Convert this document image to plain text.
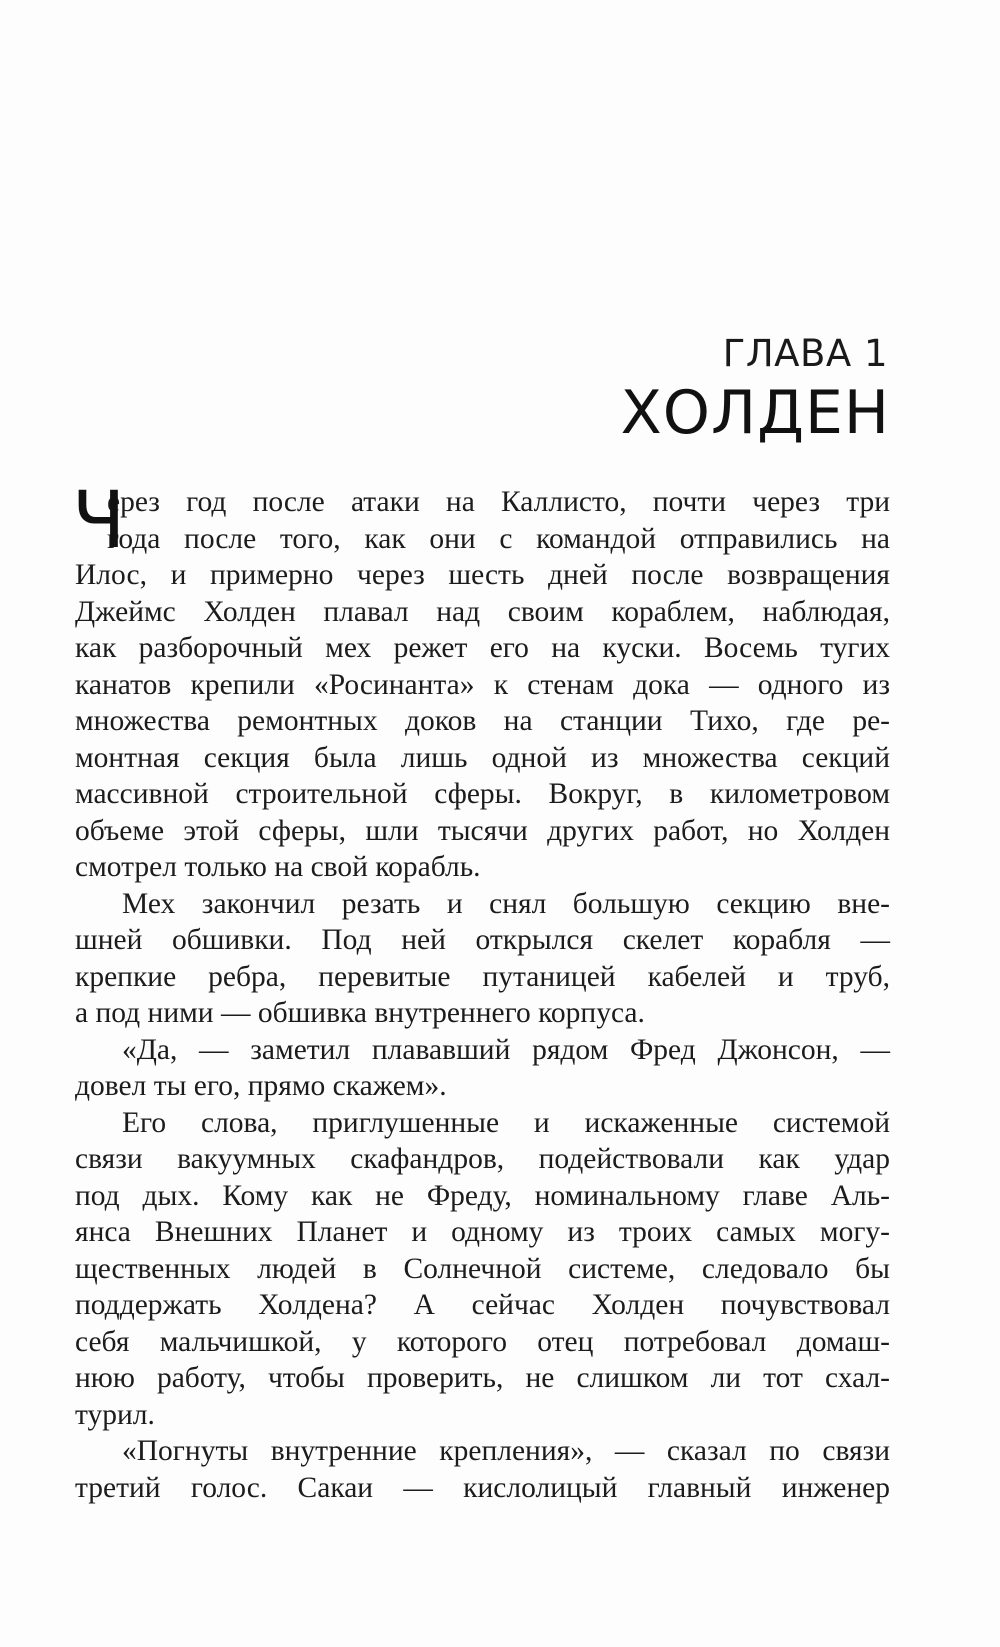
ГЛАВА 1
ХОЛДЕН
Ч
ерез год после атаки на Каллисто, почти через три
года после того, как они с командой отправились на
Илос, и примерно через шесть дней после возвращения
Джеймс Холден плавал над своим кораблем, наблюдая,
как разборочный мех режет его на куски. Восемь тугих
канатов крепили «Росинанта» к стенам дока — одного из
множества ремонтных доков на станции Тихо, где ре-
монтная секция была лишь одной из множества секций
массивной строительной сферы. Вокруг, в километровом
объеме этой сферы, шли тысячи других работ, но Холден
смотрел только на свой корабль.
Мех закончил резать и снял большую секцию вне-
шней обшивки. Под ней открылся скелет корабля —
крепкие ребра, перевитые путаницей кабелей и труб,
а под ними — обшивка внутреннего корпуса.
«Да, — заметил плававший рядом Фред Джонсон, —
довел ты его, прямо скажем».
Его слова, приглушенные и искаженные системой
связи вакуумных скафандров, подействовали как удар
под дых. Кому как не Фреду, номинальному главе Аль-
янса Внешних Планет и одному из троих самых могу-
щественных людей в Солнечной системе, следовало бы
поддержать Холдена? А сейчас Холден почувствовал
себя мальчишкой, у которого отец потребовал домаш-
нюю работу, чтобы проверить, не слишком ли тот схал-
турил.
«Погнуты внутренние крепления», — сказал по связи
третий голос. Сакаи — кислолицый главный инженер
